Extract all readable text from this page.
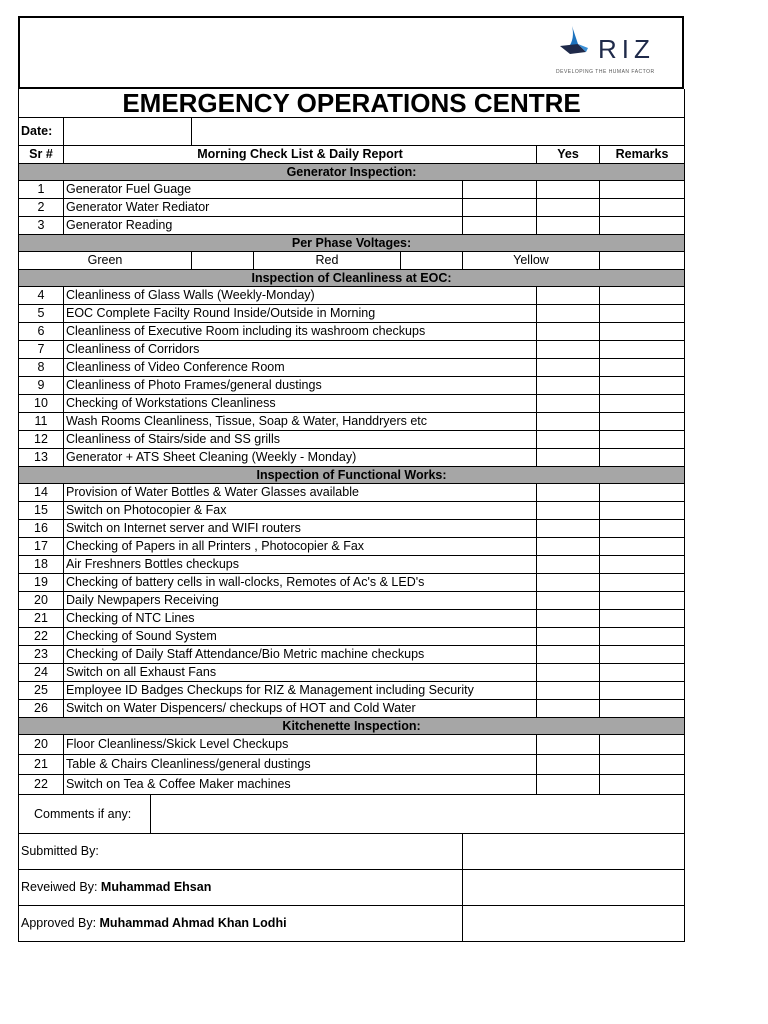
RIZ
DEVELOPING THE HUMAN FACTOR
EMERGENCY OPERATIONS CENTRE							
Date:							
Sr #	Morning Check List & Daily Report					Yes	Remarks
Generator Inspection:							
1	Generator Fuel Guage						
2	Generator Water Rediator						
3	Generator Reading						
Per Phase Voltages:							
Green			Red		Yellow		
Inspection of Cleanliness at EOC:							
4	Cleanliness of Glass Walls (Weekly-Monday)						
5	EOC Complete Facilty Round Inside/Outside in Morning						
6	Cleanliness of Executive Room including its washroom checkups						
7	Cleanliness of Corridors						
8	Cleanliness of Video Conference Room						
9	Cleanliness of Photo Frames/general dustings						
10	Checking of Workstations Cleanliness						
11	Wash Rooms Cleanliness, Tissue, Soap & Water, Handdryers etc						
12	Cleanliness of Stairs/side and SS grills						
13	Generator + ATS Sheet Cleaning (Weekly - Monday)						
Inspection of Functional Works:							
14	Provision of Water Bottles & Water Glasses available						
15	Switch on Photocopier & Fax						
16	Switch on Internet server and WIFI routers						
17	Checking of Papers in all Printers , Photocopier & Fax						
18	Air Freshners Bottles checkups						
19	Checking of battery cells in wall-clocks, Remotes of Ac's & LED's						
20	Daily Newpapers Receiving						
21	Checking of NTC Lines						
22	Checking of Sound System						
23	Checking of Daily Staff Attendance/Bio Metric machine checkups						
24	Switch on all Exhaust Fans						
25	Employee ID Badges Checkups for RIZ & Management including Security						
26	Switch on Water Dispencers/ checkups of HOT and Cold Water						
Kitchenette Inspection:							
20	Floor Cleanliness/Skick Level Checkups						
21	Table & Chairs Cleanliness/general dustings						
22	Switch on Tea & Coffee Maker machines						

Comments if any:							

Submitted By:							
Reveiwed By: Muhammad Ehsan							
Approved By: Muhammad Ahmad Khan Lodhi							
